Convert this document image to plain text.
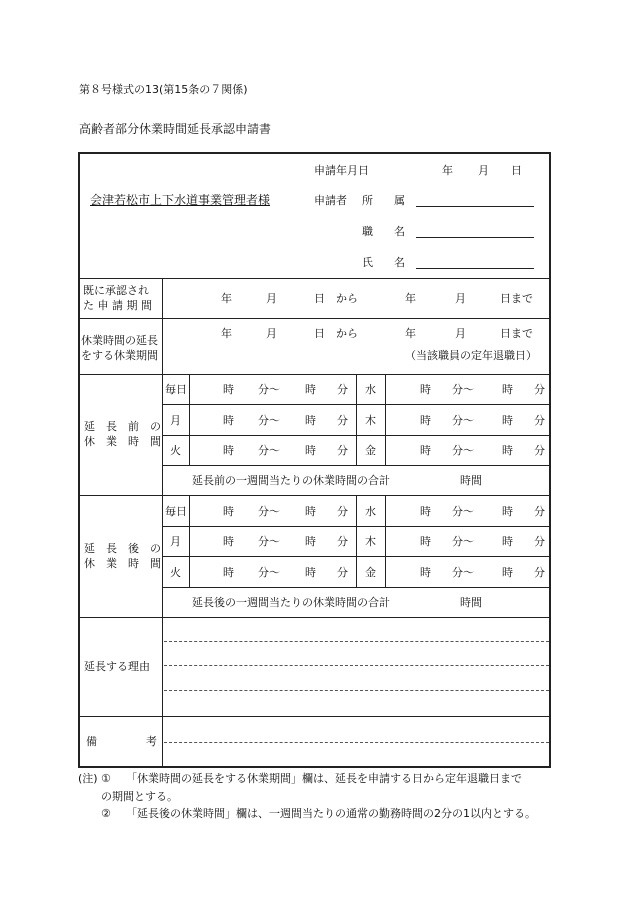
第８号様式の13(第15条の７関係)
高齢者部分休業時間延長承認申請書
会津若松市上下水道事業管理者様
申請年月日	年 月 日
申請者 所 属
職 名
氏 名
既に承認され
た 申 請 期 間
年	月	日 から	年	月	日まで
休業時間の延長
をする休業期間
年	月	日 から	年	月	日まで
（当該職員の定年退職日）
延　長　前　の
休　業　時　間
毎日	時 分～ 時 分 水	時 分～	時 分
月	時 分～ 時 分 木	時 分～	時 分
火	時 分～ 時 分 金	時 分～	時 分
延長前の一週間当たりの休業時間の合計	時間
延　長　後　の
休　業　時　間
毎日	時 分～ 時 分 水	時 分～	時 分
月	時 分～ 時 分 木	時 分～	時 分
火	時 分～ 時 分 金	時 分～	時 分
延長後の一週間当たりの休業時間の合計	時間
延長する理由
備	考
(注) ① 「休業時間の延長をする休業期間」欄は、延長を申請する日から定年退職日まで
の期間とする。
② 「延長後の休業時間」欄は、一週間当たりの通常の勤務時間の2分の1以内とする。
